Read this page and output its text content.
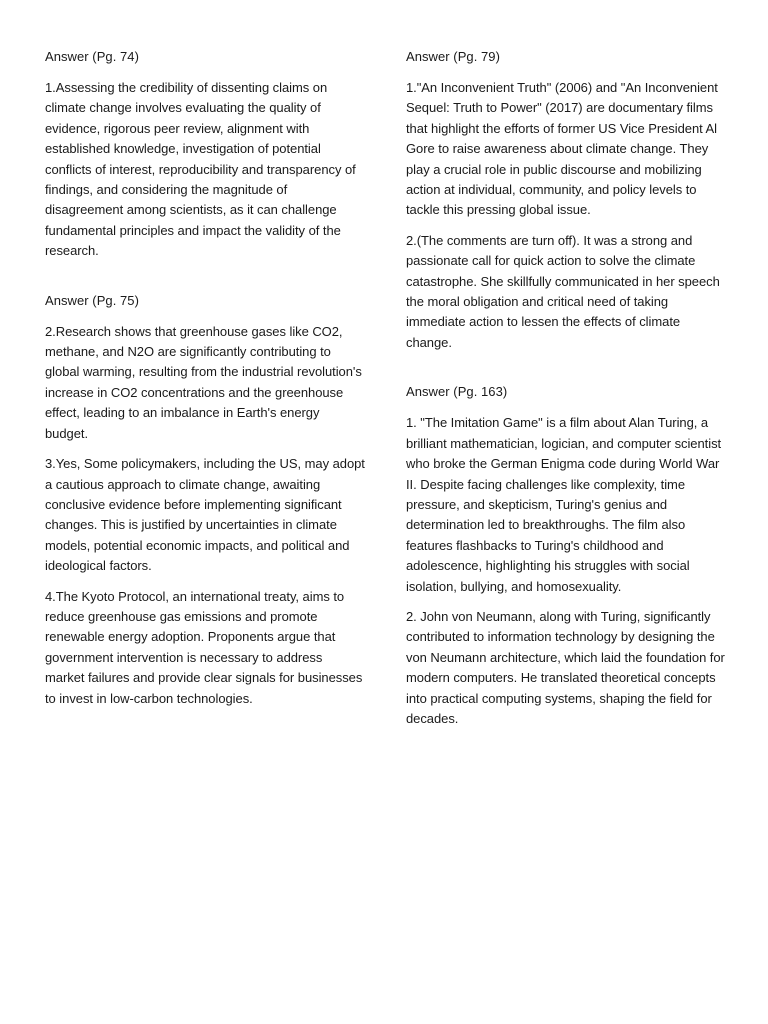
Answer (Pg. 74)

1.Assessing the credibility of dissenting claims on climate change involves evaluating the quality of evidence, rigorous peer review, alignment with established knowledge, investigation of potential conflicts of interest, reproducibility and transparency of findings, and considering the magnitude of disagreement among scientists, as it can challenge fundamental principles and impact the validity of the research.

Answer (Pg. 75)

2.Research shows that greenhouse gases like CO2, methane, and N2O are significantly contributing to global warming, resulting from the industrial revolution's increase in CO2 concentrations and the greenhouse effect, leading to an imbalance in Earth's energy budget.

3.Yes, Some policymakers, including the US, may adopt a cautious approach to climate change, awaiting conclusive evidence before implementing significant changes. This is justified by uncertainties in climate models, potential economic impacts, and political and ideological factors.

4.The Kyoto Protocol, an international treaty, aims to reduce greenhouse gas emissions and promote renewable energy adoption. Proponents argue that government intervention is necessary to address market failures and provide clear signals for businesses to invest in low-carbon technologies.

Answer (Pg. 79)

1."An Inconvenient Truth" (2006) and "An Inconvenient Sequel: Truth to Power" (2017) are documentary films that highlight the efforts of former US Vice President Al Gore to raise awareness about climate change. They play a crucial role in public discourse and mobilizing action at individual, community, and policy levels to tackle this pressing global issue.

2.(The comments are turn off). It was a strong and passionate call for quick action to solve the climate catastrophe. She skillfully communicated in her speech the moral obligation and critical need of taking immediate action to lessen the effects of climate change.

Answer (Pg. 163)

1. "The Imitation Game" is a film about Alan Turing, a brilliant mathematician, logician, and computer scientist who broke the German Enigma code during World War II. Despite facing challenges like complexity, time pressure, and skepticism, Turing's genius and determination led to breakthroughs. The film also features flashbacks to Turing's childhood and adolescence, highlighting his struggles with social isolation, bullying, and homosexuality.

2. John von Neumann, along with Turing, significantly contributed to information technology by designing the von Neumann architecture, which laid the foundation for modern computers. He translated theoretical concepts into practical computing systems, shaping the field for decades.
